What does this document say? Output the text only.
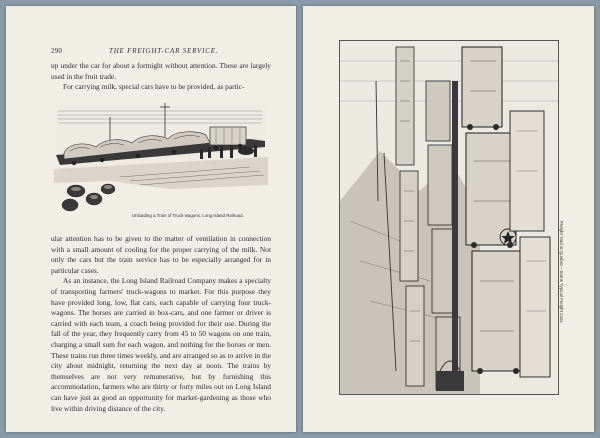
290	THE FREIGHT-CAR SERVICE.

up under the car for about a fortnight without attention. These are largely used in the fruit trade.

For carrying milk, special cars have to be provided, as partic-

Unloading a Train of Truck-wagons, Long Island Railroad.

ular attention has to be given to the matter of ventilation in connection with a small amount of cooling for the proper carrying of the milk. Not only the cars but the train service has to be especially arranged for in particular cases.

As an instance, the Long Island Railroad Company makes a specialty of transporting farmers' truck-wagons to market. For this purpose they have provided long, low, flat cars, each capable of carrying four truck-wagons. The horses are carried in box-cars, and one farmer or driver is carried with each team, a coach being provided for their use. During the fall of the year, they frequently carry from 45 to 50 wagons on one train, charging a small sum for each wagon, and nothing for the horses or men. These trains run three times weekly, and are arranged so as to arrive in the city about midnight, returning the next day at noon. The trains by themselves are not very remunerative, but by furnishing this accommodation, farmers who are thirty or forty miles out on Long Island can have just as good an opportunity for market-gardening as those who live within driving distance of the city.

Freight Yard at Quebec—Some Typical Freight Cars.
